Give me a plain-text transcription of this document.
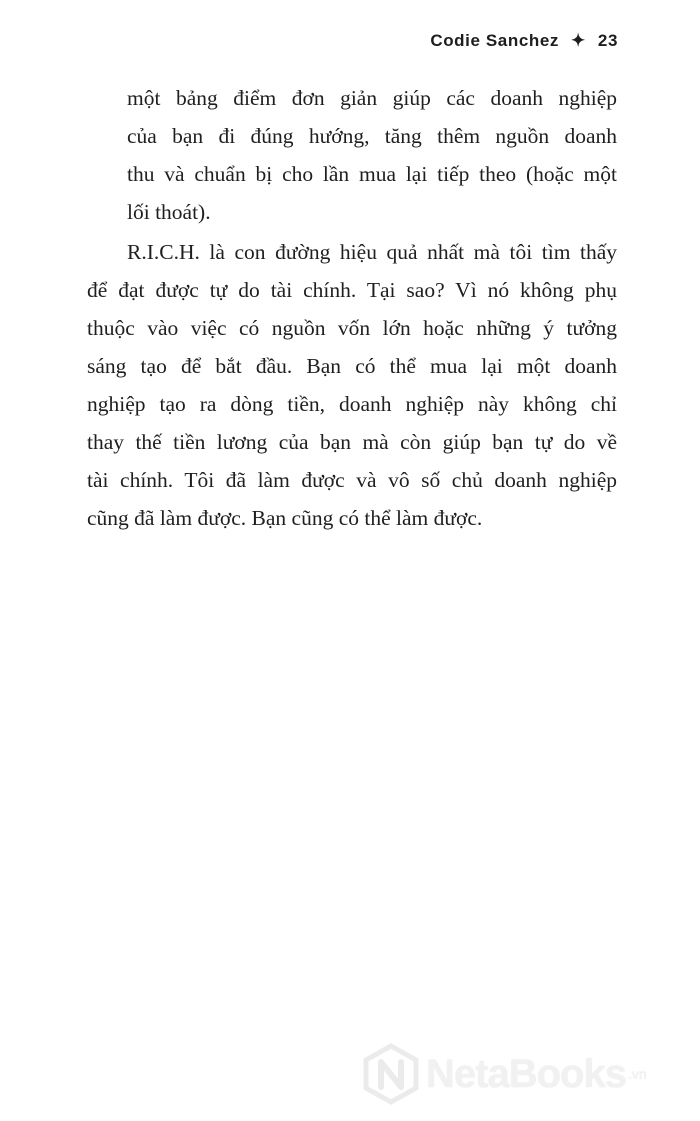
Codie Sanchez ✦ 23
một bảng điểm đơn giản giúp các doanh nghiệp
của bạn đi đúng hướng, tăng thêm nguồn doanh
thu và chuẩn bị cho lần mua lại tiếp theo (hoặc một
lối thoát).
R.I.C.H. là con đường hiệu quả nhất mà tôi tìm thấy
để đạt được tự do tài chính. Tại sao? Vì nó không phụ
thuộc vào việc có nguồn vốn lớn hoặc những ý tưởng
sáng tạo để bắt đầu. Bạn có thể mua lại một doanh
nghiệp tạo ra dòng tiền, doanh nghiệp này không chỉ
thay thế tiền lương của bạn mà còn giúp bạn tự do về
tài chính. Tôi đã làm được và vô số chủ doanh nghiệp
cũng đã làm được. Bạn cũng có thể làm được.
NetaBooks .vn
